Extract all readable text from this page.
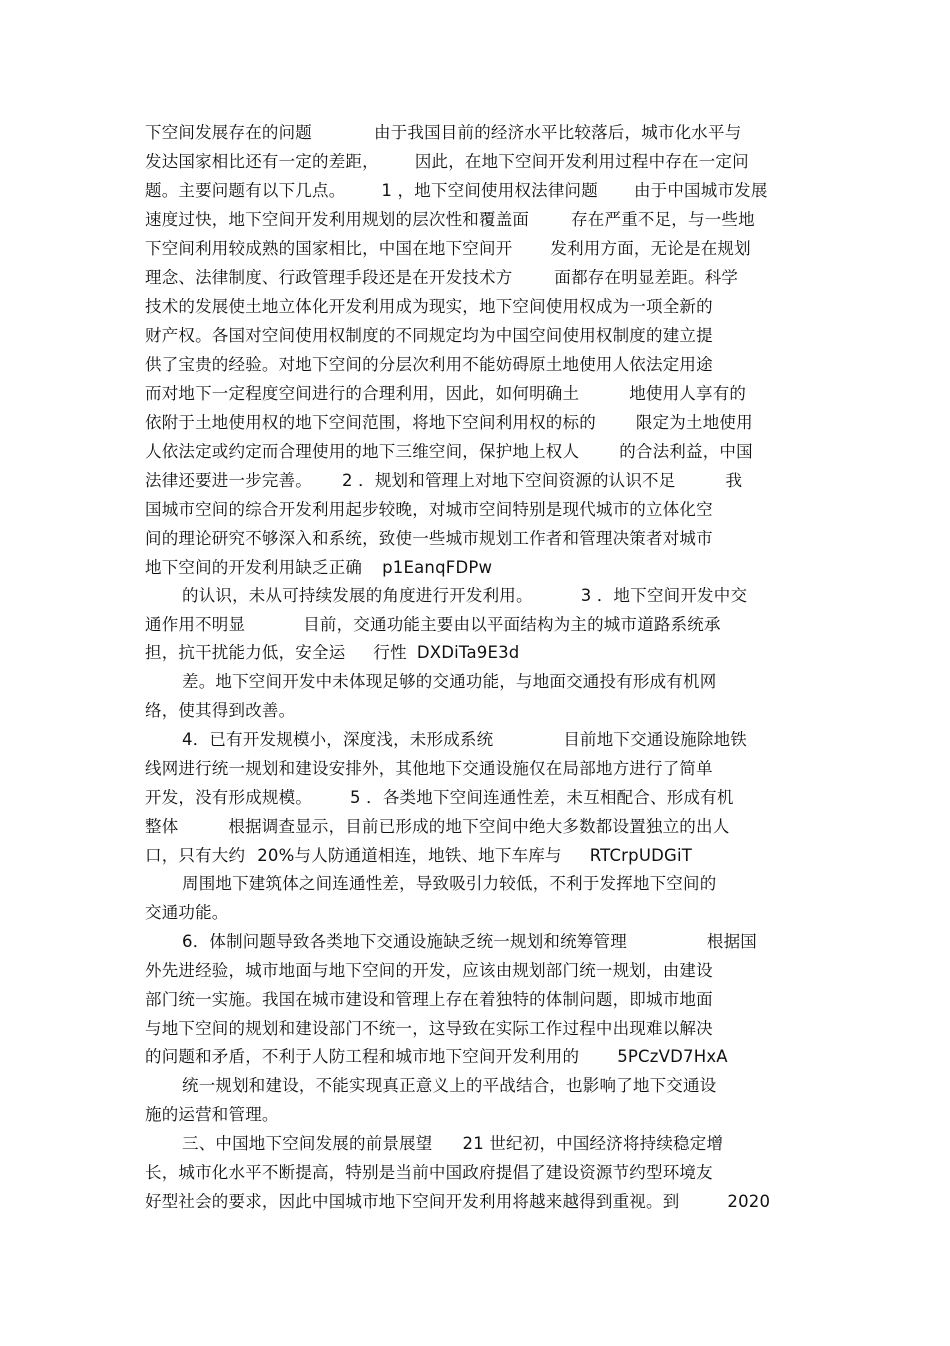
下空间发展存在的问题	由于我国目前的经济水平比较落后，城市化水平与
发达国家相比还有一定的差距， 因此，在地下空间开发利用过程中存在一定问
题。主要问题有以下几点。 1 ，地下空间使用权法律问题 由于中国城市发展
速度过快，地下空间开发利用规划的层次性和覆盖面	存在严重不足，与一些地
下空间利用较成熟的国家相比，中国在地下空间开 发利用方面，无论是在规划
理念、法律制度、行政管理手段还是在开发技术方	面都存在明显差距。科学
技术的发展使土地立体化开发利用成为现实，地下空间使用权成为一项全新的
财产权。各国对空间使用权制度的不同规定均为中国空间使用权制度的建立提
供了宝贵的经验。对地下空间的分层次利用不能妨碍原土地使用人依法定用途
而对地下一定程度空间进行的合理利用，因此，如何明确土	地使用人享有的
依附于土地使用权的地下空间范围，将地下空间利用权的标的 限定为土地使用
人依法定或约定而合理使用的地下三维空间，保护地上权人 的合法利益，中国
法律还要进一步完善。 2 ．规划和管理上对地下空间资源的认识不足	我
国城市空间的综合开发利用起步较晚，对城市空间特别是现代城市的立体化空
间的理论研究不够深入和系统，致使一些城市规划工作者和管理决策者对城市
地下空间的开发利用缺乏正确 p1EanqFDPw
的认识，未从可持续发展的角度进行开发利用。	3 ．地下空间开发中交
通作用不明显	目前，交通功能主要由以平面结构为主的城市道路系统承
担，抗干扰能力低，安全运 行性 DXDiTa9E3d
差。地下空间开发中未体现足够的交通功能，与地面交通投有形成有机网
络，使其得到改善。
4．已有开发规模小，深度浅，未形成系统	目前地下交通设施除地铁
线网进行统一规划和建设安排外，其他地下交通设施仅在局部地方进行了简单
开发，没有形成规模。 5 ．各类地下空间连通性差，未互相配合、形成有机
整体	根据调查显示，目前已形成的地下空间中绝大多数都设置独立的出人
口，只有大约 20%与人防通道相连，地铁、地下车库与 RTCrpUDGiT
周围地下建筑体之间连通性差，导致吸引力较低，不利于发挥地下空间的
交通功能。
6．体制问题导致各类地下交通设施缺乏统一规划和统筹管理	根据国
外先进经验，城市地面与地下空间的开发，应该由规划部门统一规划，由建设
部门统一实施。我国在城市建设和管理上存在着独特的体制问题，即城市地面
与地下空间的规划和建设部门不统一，这导致在实际工作过程中出现难以解决
的问题和矛盾，不利于人防工程和城市地下空间开发利用的 5PCzVD7HxA
统一规划和建设，不能实现真正意义上的平战结合，也影响了地下交通设
施的运营和管理。
三、中国地下空间发展的前景展望 21 世纪初，中国经济将持续稳定增
长，城市化水平不断提高，特别是当前中国政府提倡了建设资源节约型环境友
好型社会的要求，因此中国城市地下空间开发利用将越来越得到重视。到	2020
